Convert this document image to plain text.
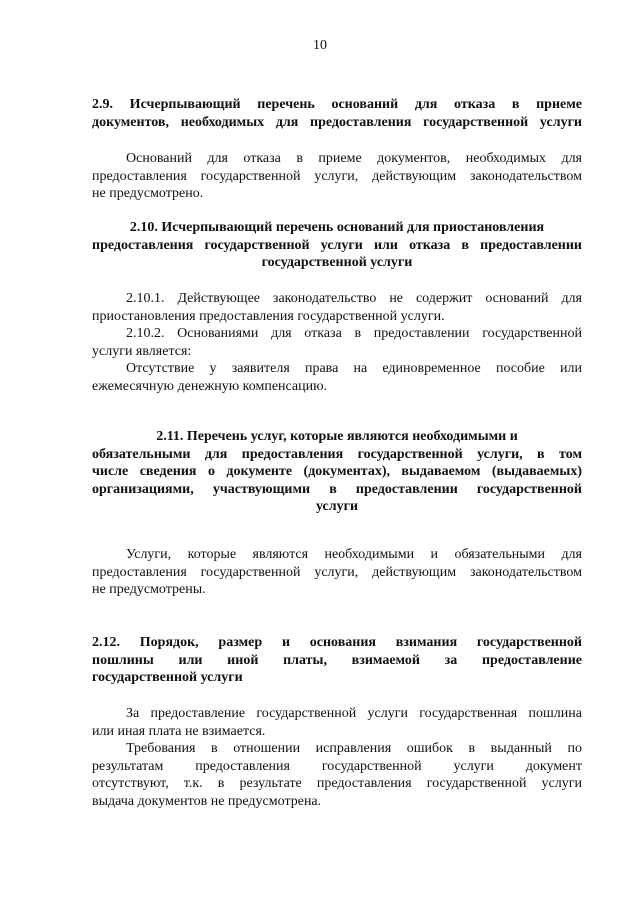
10
2.9. Исчерпывающий перечень оснований для отказа в приеме
документов, необходимых для предоставления государственной услуги
Оснований для отказа в приеме документов, необходимых для
предоставления государственной услуги, действующим законодательством
не предусмотрено.
2.10. Исчерпывающий перечень оснований для приостановления
предоставления государственной услуги или отказа в предоставлении
государственной услуги
2.10.1. Действующее законодательство не содержит оснований для
приостановления предоставления государственной услуги.
2.10.2. Основаниями для отказа в предоставлении государственной
услуги является:
Отсутствие у заявителя права на единовременное пособие или
ежемесячную денежную компенсацию.
2.11. Перечень услуг, которые являются необходимыми и
обязательными для предоставления государственной услуги, в том
числе сведения о документе (документах), выдаваемом (выдаваемых)
организациями, участвующими в предоставлении государственной
услуги
Услуги, которые являются необходимыми и обязательными для
предоставления государственной услуги, действующим законодательством
не предусмотрены.
2.12. Порядок, размер и основания взимания государственной
пошлины или иной платы, взимаемой за предоставление
государственной услуги
За предоставление государственной услуги государственная пошлина
или иная плата не взимается.
Требования в отношении исправления ошибок в выданный по
результатам предоставления государственной услуги документ
отсутствуют, т.к. в результате предоставления государственной услуги
выдача документов не предусмотрена.
